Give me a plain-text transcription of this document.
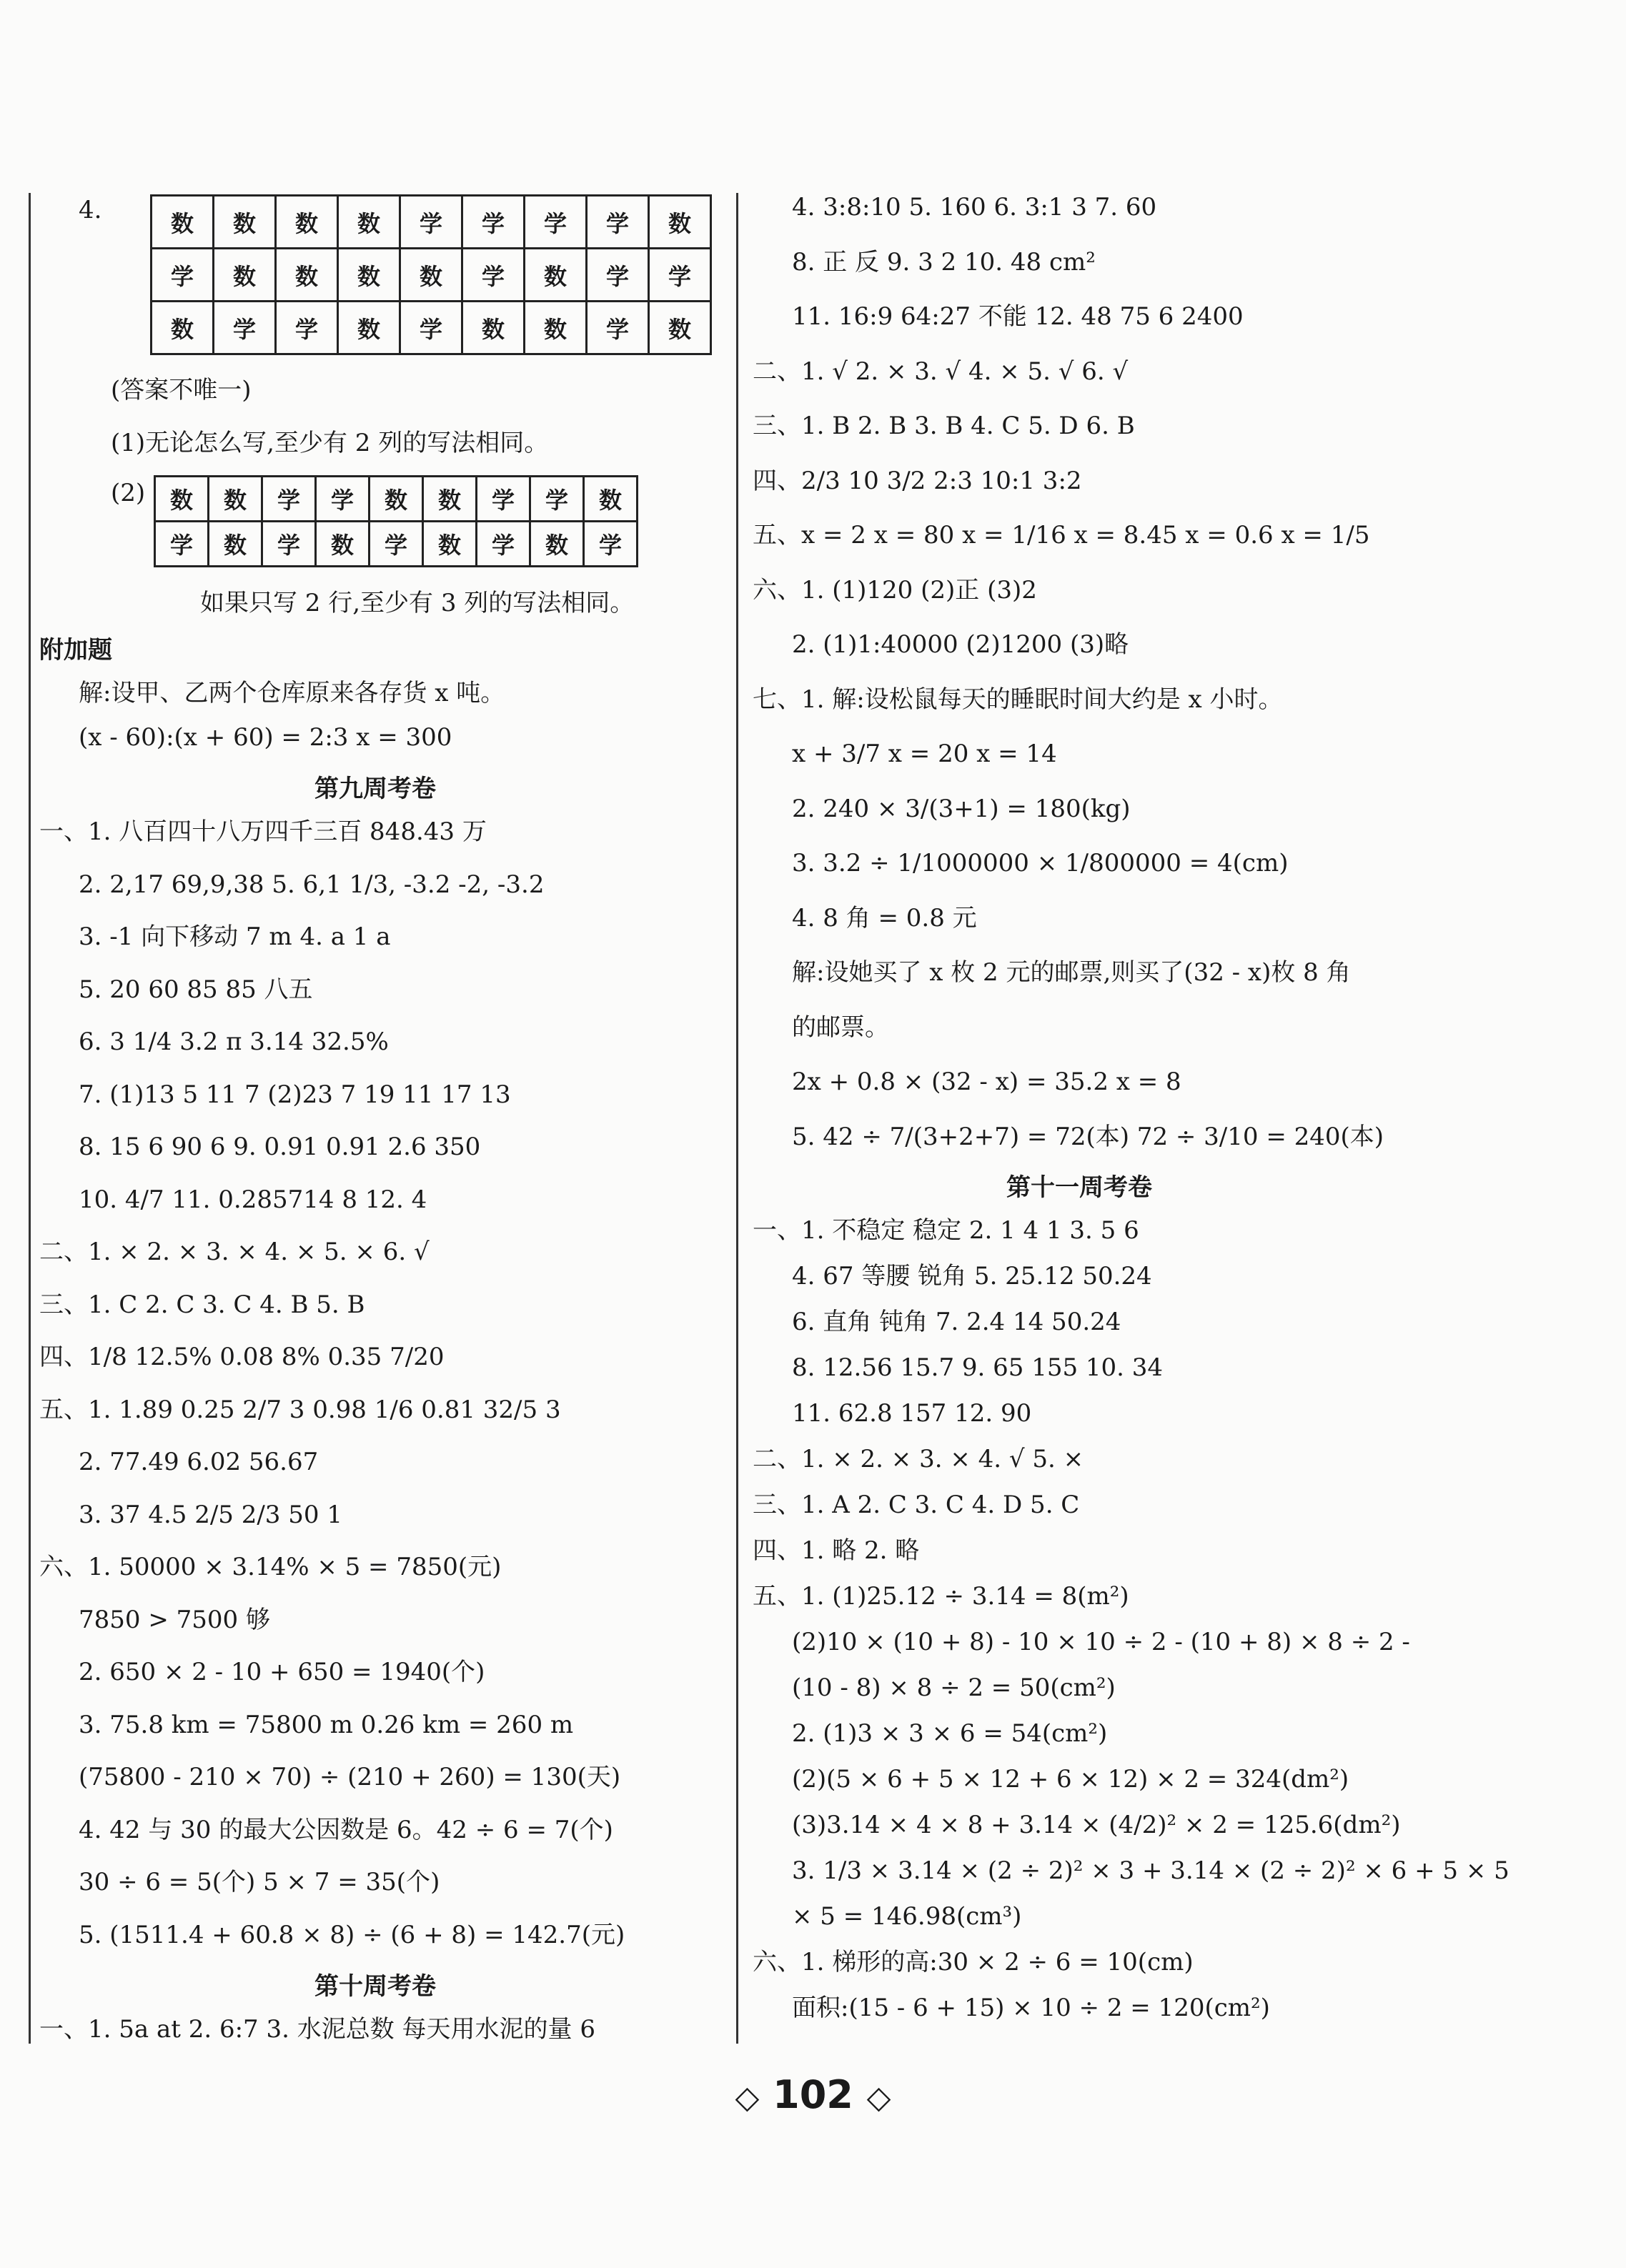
4.	数	数	数	数	学	学	学	学	数
学	数	数	数	数	学	数	学	学
数	学	学	数	学	数	数	学	数
(答案不唯一)
(1)无论怎么写,至少有 2 列的写法相同。
(2) 数	数	学	学	数	数	学	学	数
学	数	学	数	学	数	学	数	学
如果只写 2 行,至少有 3 列的写法相同。
附加题
解:设甲、乙两个仓库原来各存货 x 吨。
(x - 60):(x + 60) = 2:3 x = 300
第九周考卷
一、1. 八百四十八万四千三百 848.43 万
2. 2,17 69,9,38 5. 6,1 1/3, -3.2 -2, -3.2
3. -1 向下移动 7 m 4. a 1 a
5. 20 60 85 85 八五
6. 3 1/4 3.2 π 3.14 32.5%
7. (1)13 5 11 7 (2)23 7 19 11 17 13
8. 15 6 90 6 9. 0.91 0.91 2.6 350
10. 4/7 11. 0.285714 8 12. 4
二、1. × 2. × 3. × 4. × 5. × 6. √
三、1. C 2. C 3. C 4. B 5. B
四、1/8 12.5% 0.08 8% 0.35 7/20
五、1. 1.89 0.25 2/7 3 0.98 1/6 0.81 32/5 3
2. 77.49 6.02 56.67
3. 37 4.5 2/5 2/3 50 1
六、1. 50000 × 3.14% × 5 = 7850(元)
7850 > 7500 够
2. 650 × 2 - 10 + 650 = 1940(个)
3. 75.8 km = 75800 m 0.26 km = 260 m
(75800 - 210 × 70) ÷ (210 + 260) = 130(天)
4. 42 与 30 的最大公因数是 6。42 ÷ 6 = 7(个)
30 ÷ 6 = 5(个) 5 × 7 = 35(个)
5. (1511.4 + 60.8 × 8) ÷ (6 + 8) = 142.7(元)
第十周考卷
一、1. 5a at 2. 6:7 3. 水泥总数 每天用水泥的量 6
4. 3:8:10 5. 160 6. 3:1 3 7. 60
8. 正 反 9. 3 2 10. 48 cm²
11. 16:9 64:27 不能 12. 48 75 6 2400
二、1. √ 2. × 3. √ 4. × 5. √ 6. √
三、1. B 2. B 3. B 4. C 5. D 6. B
四、2/3 10 3/2 2:3 10:1 3:2
五、x = 2 x = 80 x = 1/16 x = 8.45 x = 0.6 x = 1/5
六、1. (1)120 (2)正 (3)2
2. (1)1:40000 (2)1200 (3)略
七、1. 解:设松鼠每天的睡眠时间大约是 x 小时。
x + 3/7 x = 20 x = 14
2. 240 × 3/(3+1) = 180(kg)
3. 3.2 ÷ 1/1000000 × 1/800000 = 4(cm)
4. 8 角 = 0.8 元
解:设她买了 x 枚 2 元的邮票,则买了(32 - x)枚 8 角
的邮票。
2x + 0.8 × (32 - x) = 35.2 x = 8
5. 42 ÷ 7/(3+2+7) = 72(本) 72 ÷ 3/10 = 240(本)
第十一周考卷
一、1. 不稳定 稳定 2. 1 4 1 3. 5 6
4. 67 等腰 锐角 5. 25.12 50.24
6. 直角 钝角 7. 2.4 14 50.24
8. 12.56 15.7 9. 65 155 10. 34
11. 62.8 157 12. 90
二、1. × 2. × 3. × 4. √ 5. ×
三、1. A 2. C 3. C 4. D 5. C
四、1. 略 2. 略
五、1. (1)25.12 ÷ 3.14 = 8(m²)
(2)10 × (10 + 8) - 10 × 10 ÷ 2 - (10 + 8) × 8 ÷ 2 -
(10 - 8) × 8 ÷ 2 = 50(cm²)
2. (1)3 × 3 × 6 = 54(cm²)
(2)(5 × 6 + 5 × 12 + 6 × 12) × 2 = 324(dm²)
(3)3.14 × 4 × 8 + 3.14 × (4/2)² × 2 = 125.6(dm²)
3. 1/3 × 3.14 × (2 ÷ 2)² × 3 + 3.14 × (2 ÷ 2)² × 6 + 5 × 5
× 5 = 146.98(cm³)
六、1. 梯形的高:30 × 2 ÷ 6 = 10(cm)
面积:(15 - 6 + 15) × 10 ÷ 2 = 120(cm²)
◇ 102 ◇
